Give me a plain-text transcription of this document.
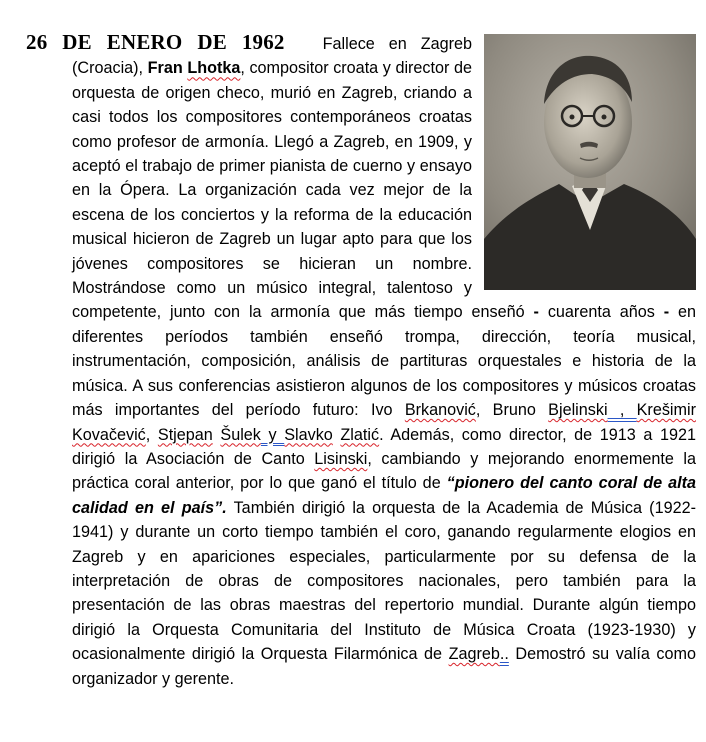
26 DE ENERO DE 1962 Fallece en Zagreb (Croacia), Fran Lhotka, compositor croata y director de orquesta de origen checo, murió en Zagreb, criando a casi todos los compositores contemporáneos croatas como profesor de armonía. Llegó a Zagreb, en 1909, y aceptó el trabajo de primer pianista de cuerno y ensayo en la Ópera. La organización cada vez mejor de la escena de los conciertos y la reforma de la educación musical hicieron de Zagreb un lugar apto para que los jóvenes compositores se hicieran un nombre. Mostrándose como un músico integral, talentoso y competente, junto con la armonía que más tiempo enseñó - cuarenta años - en diferentes períodos también enseñó trompa, dirección, teoría musical, instrumentación, composición, análisis de partituras orquestales e historia de la música. A sus conferencias asistieron algunos de los compositores y músicos croatas más importantes del período futuro: Ivo Brkanović, Bruno Bjelinski , Krešimir Kovačević, Stjepan Šulek y Slavko Zlatić. Además, como director, de 1913 a 1921 dirigió la Asociación de Canto Lisinski, cambiando y mejorando enormemente la práctica coral anterior, por lo que ganó el título de “pionero del canto coral de alta calidad en el país”. También dirigió la orquesta de la Academia de Música (1922-1941) y durante un corto tiempo también el coro, ganando regularmente elogios en Zagreb y en apariciones especiales, particularmente por su defensa de la interpretación de obras de compositores nacionales, pero también para la presentación de las obras maestras del repertorio mundial. Durante algún tiempo dirigió la Orquesta Comunitaria del Instituto de Música Croata (1923-1930) y ocasionalmente dirigió la Orquesta Filarmónica de Zagreb.. Demostró su valía como organizador y gerente.
